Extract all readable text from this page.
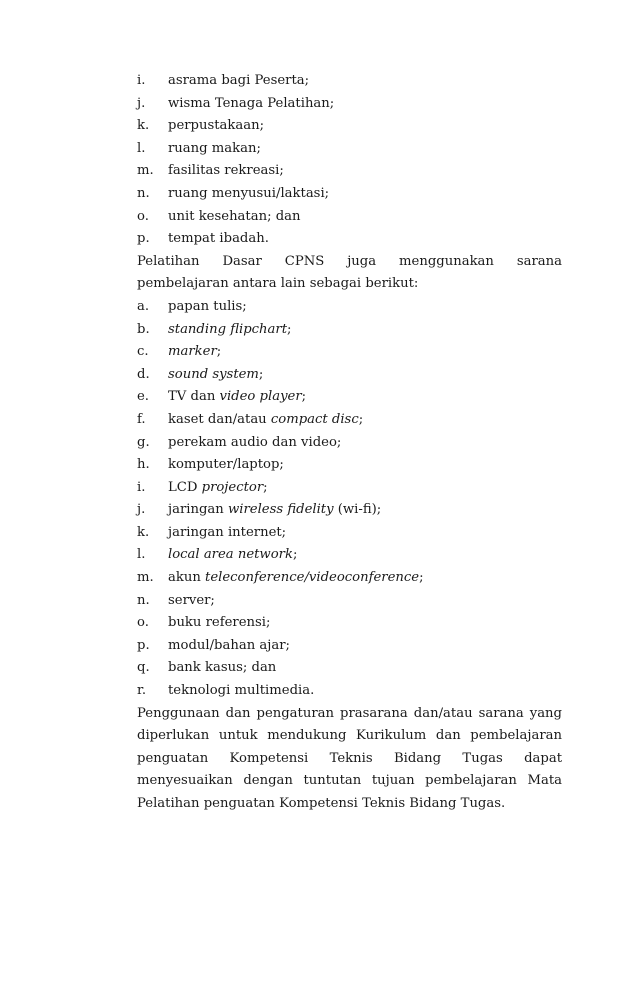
i.	asrama bagi Peserta;
j.	wisma Tenaga Pelatihan;
k.	perpustakaan;
l.	ruang makan;
m.	fasilitas rekreasi;
n.	ruang menyusui/laktasi;
o.	unit kesehatan; dan
p.	tempat ibadah.

Pelatihan Dasar CPNS juga menggunakan sarana pembelajaran antara lain sebagai berikut:

a.	papan tulis;
b.	standing flipchart;
c.	marker;
d.	sound system;
e.	TV dan video player;
f.	kaset dan/atau compact disc;
g.	perekam audio dan video;
h.	komputer/laptop;
i.	LCD projector;
j.	jaringan wireless fidelity (wi-fi);
k.	jaringan internet;
l.	local area network;
m.	akun teleconference/videoconference;
n.	server;
o.	buku referensi;
p.	modul/bahan ajar;
q.	bank kasus; dan
r.	teknologi multimedia.

Penggunaan dan pengaturan prasarana dan/atau sarana yang diperlukan untuk mendukung Kurikulum dan pembelajaran penguatan Kompetensi Teknis Bidang Tugas dapat menyesuaikan dengan tuntutan tujuan pembelajaran Mata Pelatihan penguatan Kompetensi Teknis Bidang Tugas.
